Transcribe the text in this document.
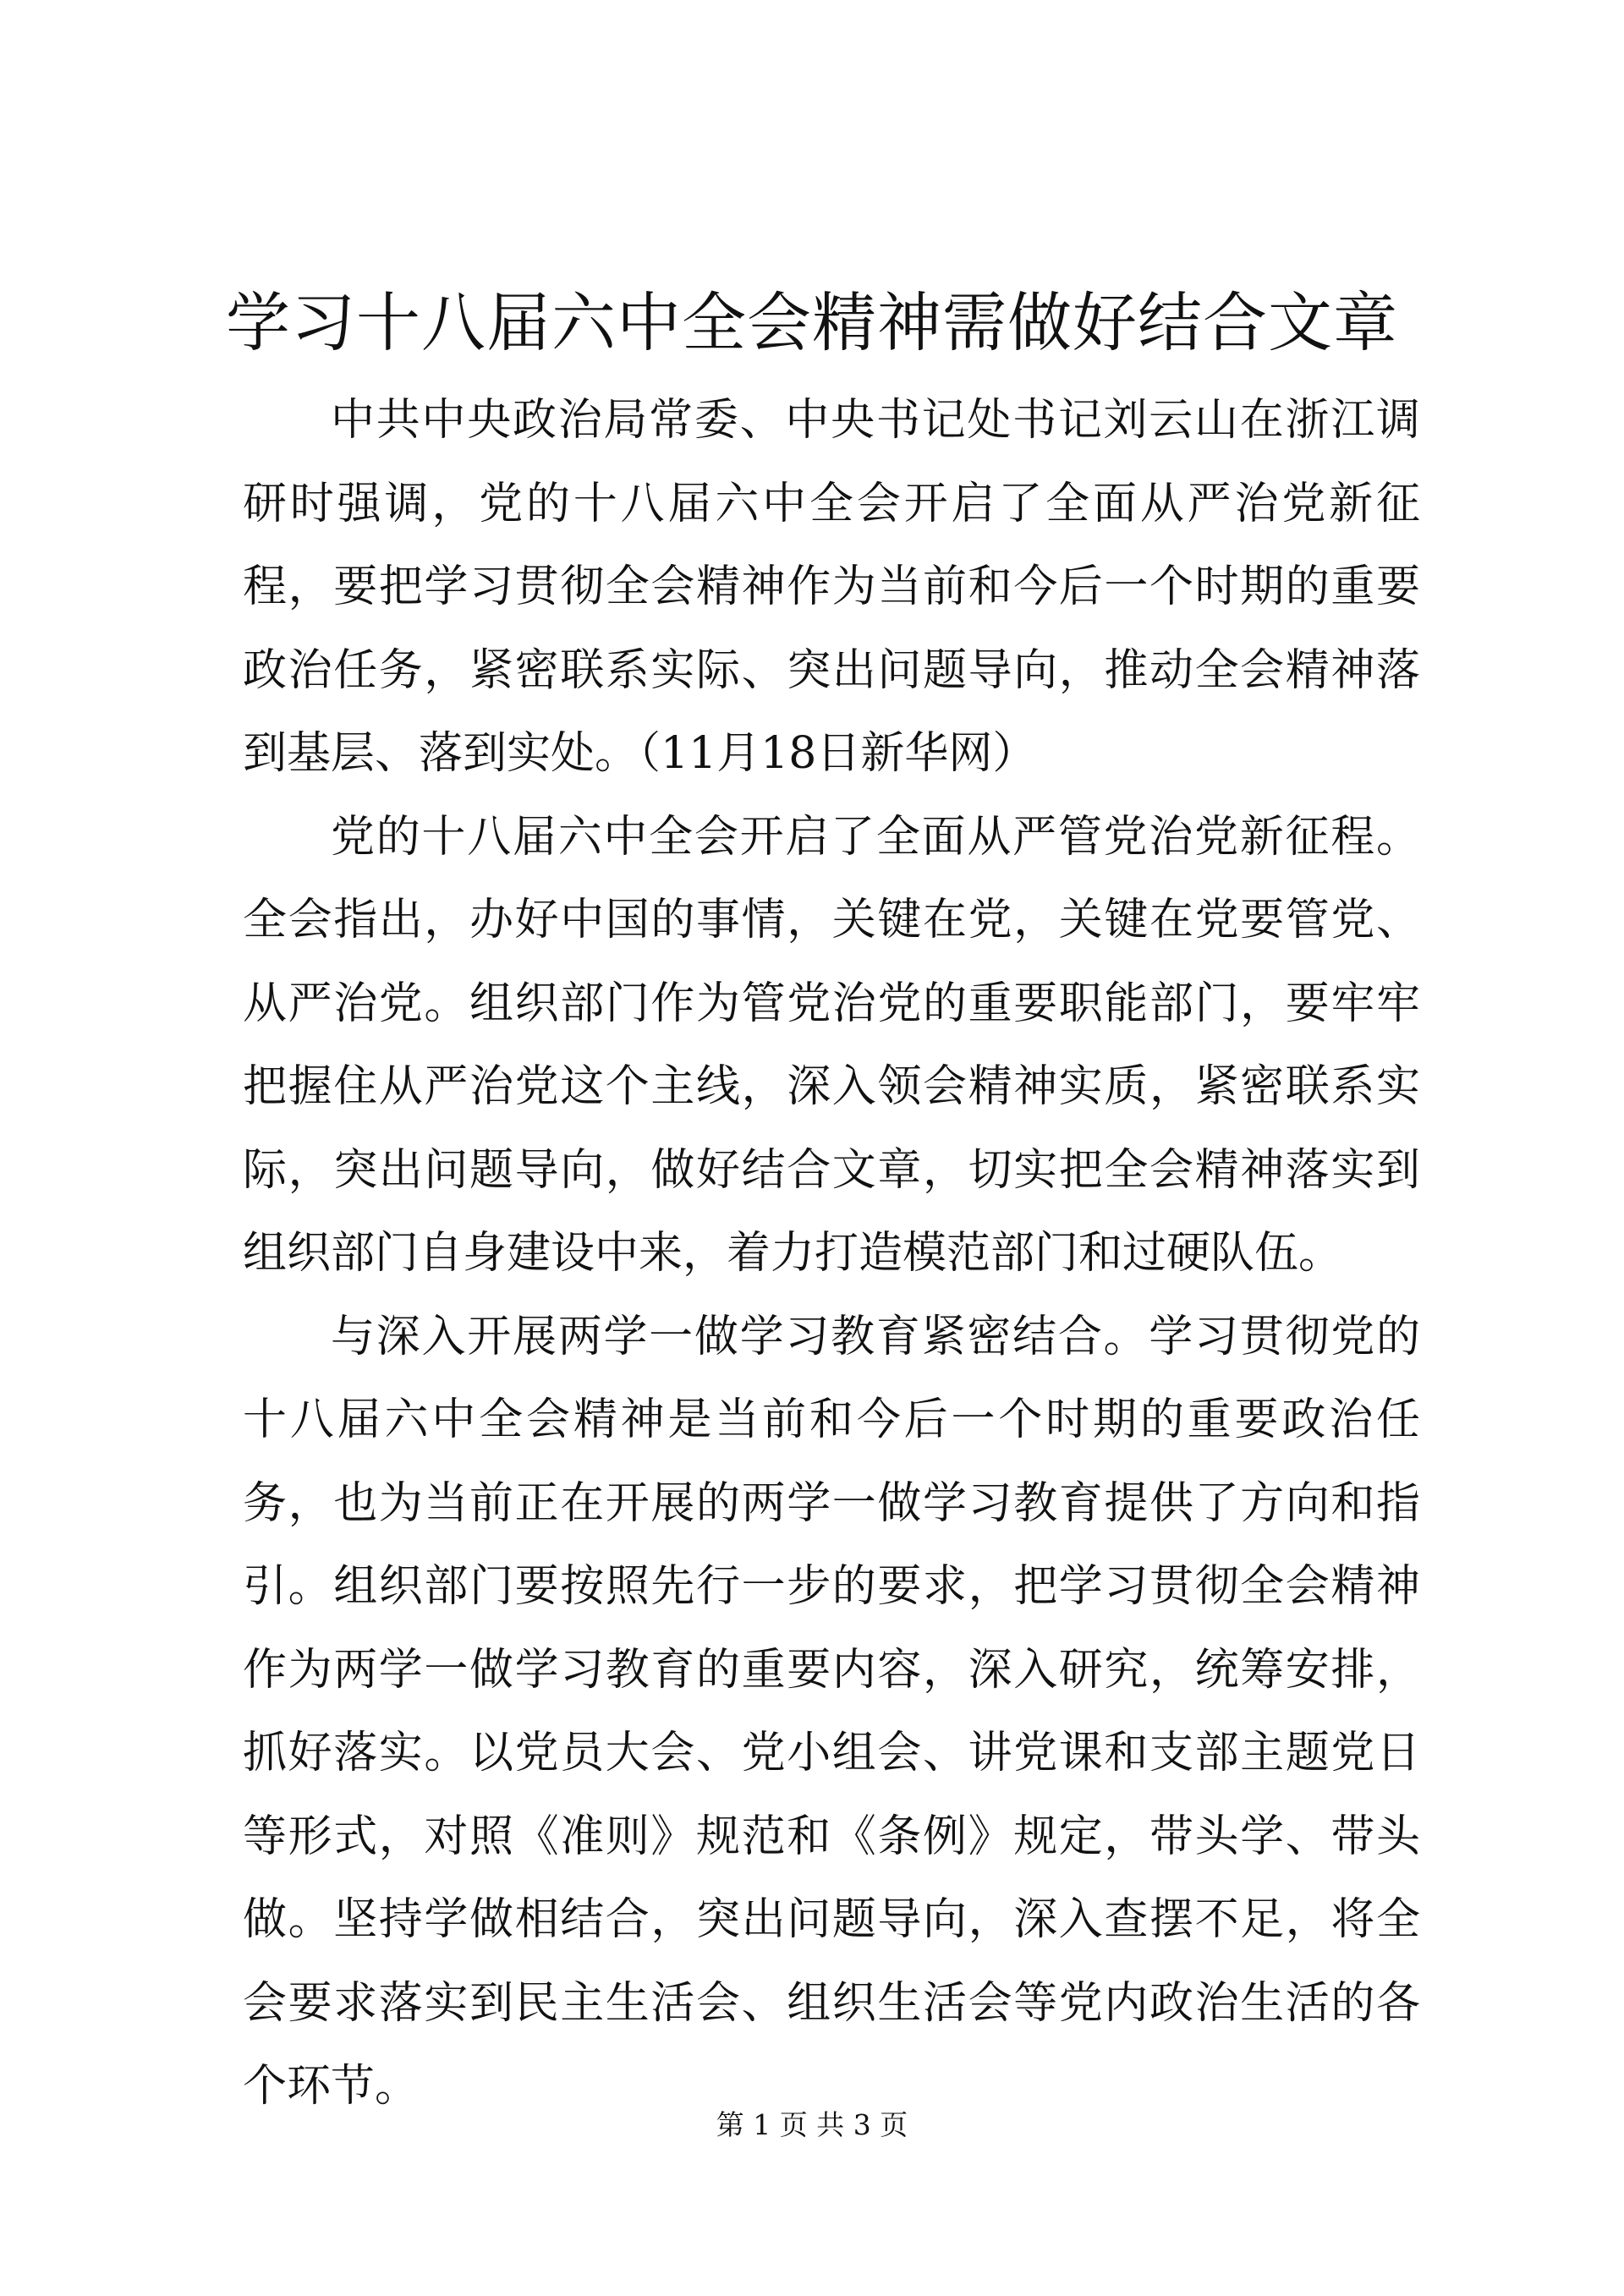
学习十八届六中全会精神需做好结合文章

中共中央政治局常委、中央书记处书记刘云山在浙江调研时强调，党的十八届六中全会开启了全面从严治党新征程，要把学习贯彻全会精神作为当前和今后一个时期的重要政治任务，紧密联系实际、突出问题导向，推动全会精神落到基层、落到实处。（11月18日新华网）

党的十八届六中全会开启了全面从严管党治党新征程。全会指出，办好中国的事情，关键在党，关键在党要管党、从严治党。组织部门作为管党治党的重要职能部门，要牢牢把握住从严治党这个主线，深入领会精神实质，紧密联系实际，突出问题导向，做好结合文章，切实把全会精神落实到组织部门自身建设中来，着力打造模范部门和过硬队伍。

与深入开展两学一做学习教育紧密结合。学习贯彻党的十八届六中全会精神是当前和今后一个时期的重要政治任务，也为当前正在开展的两学一做学习教育提供了方向和指引。组织部门要按照先行一步的要求，把学习贯彻全会精神作为两学一做学习教育的重要内容，深入研究，统筹安排，抓好落实。以党员大会、党小组会、讲党课和支部主题党日等形式，对照《准则》规范和《条例》规定，带头学、带头做。坚持学做相结合，突出问题导向，深入查摆不足，将全会要求落实到民主生活会、组织生活会等党内政治生活的各个环节。

第 1 页 共 3 页
